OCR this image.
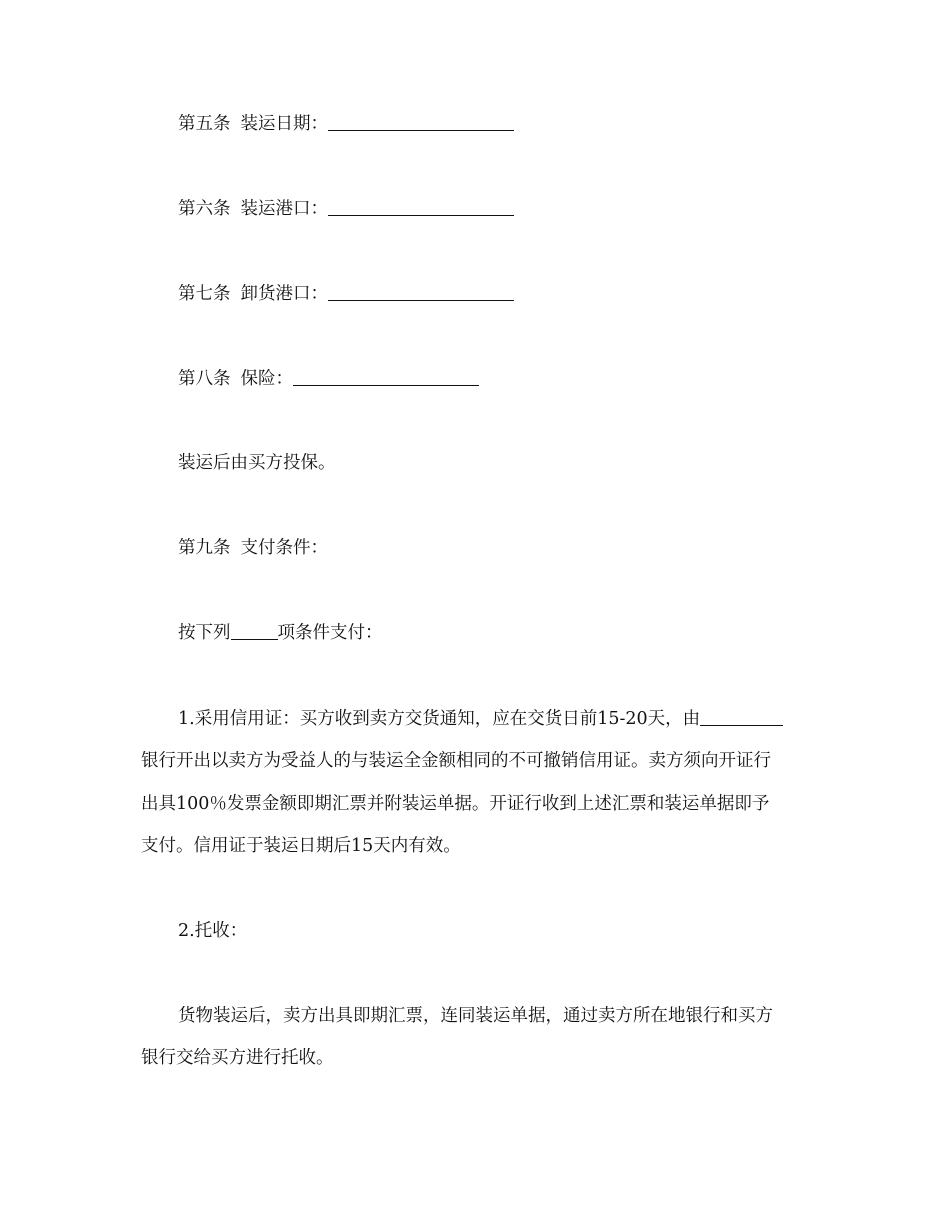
第五条 装运日期：
第六条 装运港口：
第七条 卸货港口：
第八条 保险：
装运后由买方投保。
第九条 支付条件：
按下列	项条件支付：
1.采用信用证：买方收到卖方交货通知，应在交货日前15-20天，由
银行开出以卖方为受益人的与装运全金额相同的不可撤销信用证。卖方须向开证行
出具100％发票金额即期汇票并附装运单据。开证行收到上述汇票和装运单据即予
支付。信用证于装运日期后15天内有效。
2.托收：
货物装运后，卖方出具即期汇票，连同装运单据，通过卖方所在地银行和买方
银行交给买方进行托收。
